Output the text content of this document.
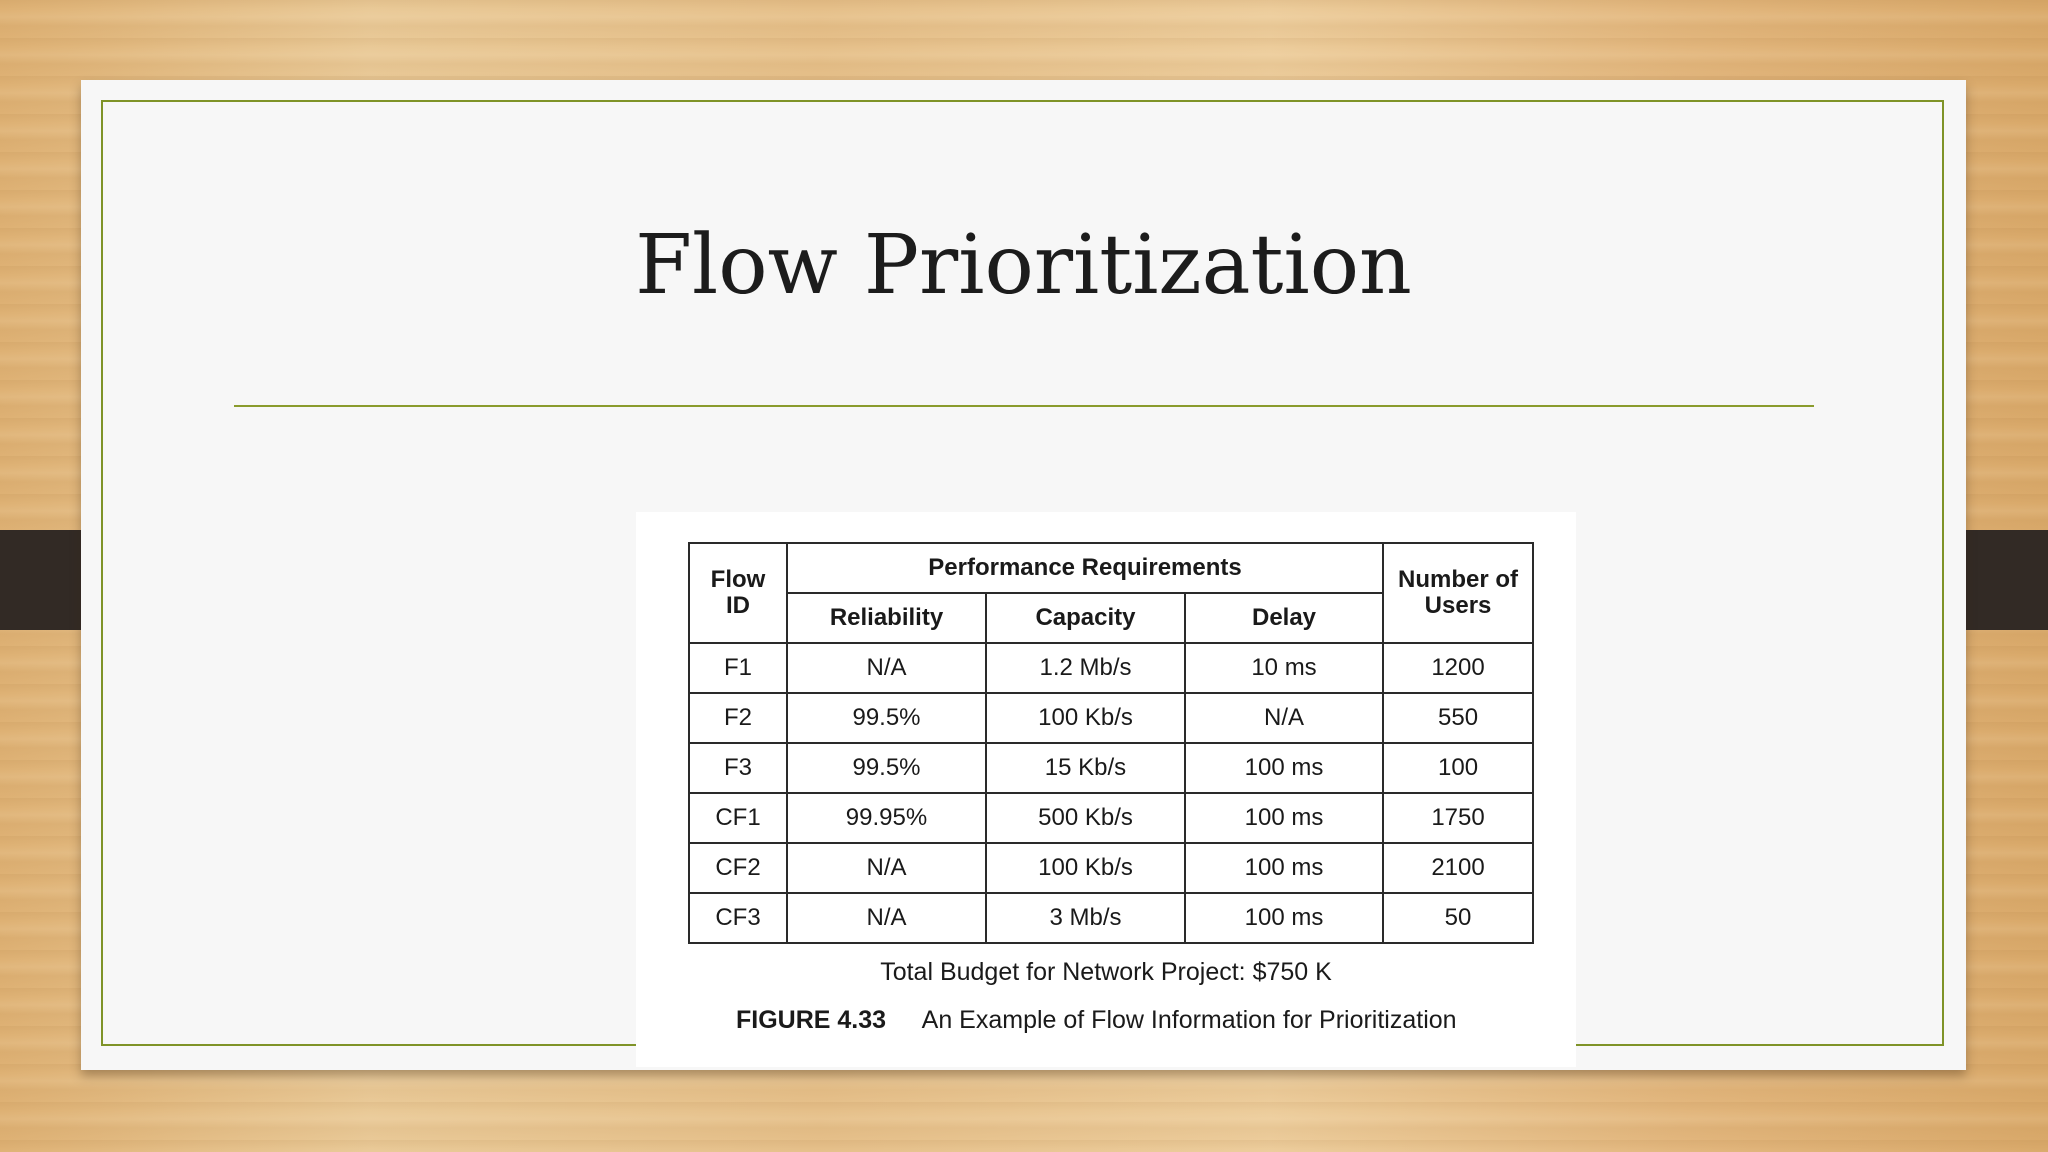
Flow Prioritization
Flow ID	Performance Requirements			Number of Users
	Reliability	Capacity	Delay	
F1	N/A	1.2 Mb/s	10 ms	1200
F2	99.5%	100 Kb/s	N/A	550
F3	99.5%	15 Kb/s	100 ms	100
CF1	99.95%	500 Kb/s	100 ms	1750
CF2	N/A	100 Kb/s	100 ms	2100
CF3	N/A	3 Mb/s	100 ms	50
Total Budget for Network Project: $750 K
FIGURE 4.33 An Example of Flow Information for Prioritization
